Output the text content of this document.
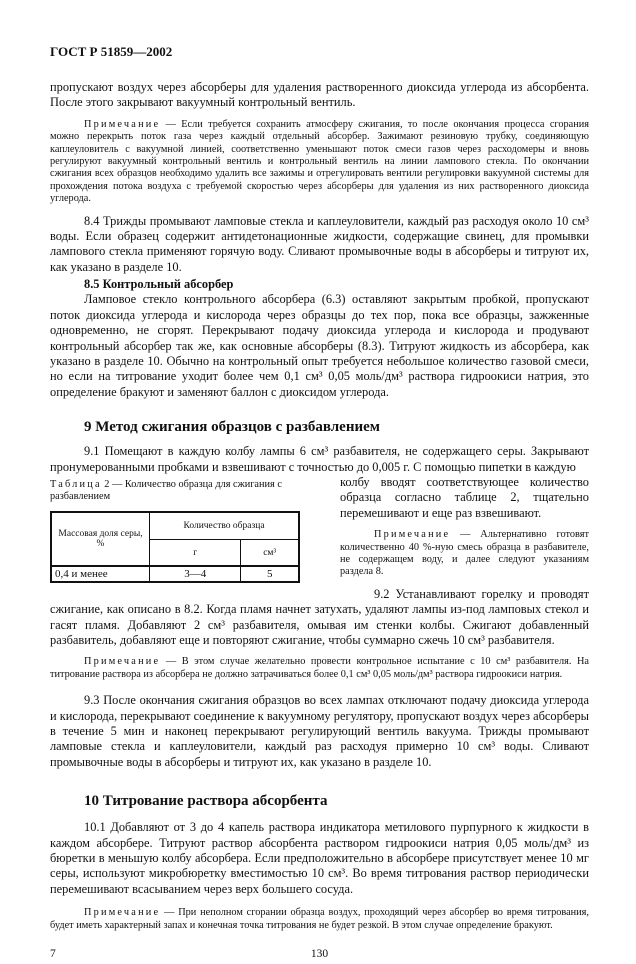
ГОСТ Р 51859—2002

пропускают воздух через абсорберы для удаления растворенного диоксида углерода из абсорбента. После этого закрывают вакуумный контрольный вентиль.

Примечание — Если требуется сохранить атмосферу сжигания, то после окончания процесса сгорания можно перекрыть поток газа через каждый отдельный абсорбер. Зажимают резиновую трубку, соединяющую каплеуловитель с вакуумной линией, соответственно уменьшают поток смеси газов через расходомеры и вновь регулируют вакуумный контрольный вентиль и контрольный вентиль на линии лампового стекла. По окончании сжигания всех образцов необходимо удалить все зажимы и отрегулировать вентили регулировки вакуумной системы для прохождения потока воздуха с требуемой скоростью через абсорберы для удаления из них растворенного диоксида углерода.

8.4 Трижды промывают ламповые стекла и каплеуловители, каждый раз расходуя около 10 см³ воды. Если образец содержит антидетонационные жидкости, содержащие свинец, для промывки лампового стекла применяют горячую воду. Сливают промывочные воды в абсорберы и титруют их, как указано в разделе 10.

8.5 Контрольный абсорбер

Ламповое стекло контрольного абсорбера (6.3) оставляют закрытым пробкой, пропускают поток диоксида углерода и кислорода через образцы до тех пор, пока все образцы, зажженные одновременно, не сгорят. Перекрывают подачу диоксида углерода и кислорода и продувают контрольный абсорбер так же, как основные абсорберы (8.3). Титруют жидкость из абсорбера, как указано в разделе 10. Обычно на контрольный опыт требуется небольшое количество газовой смеси, но если на титрование уходит более чем 0,1 см³ 0,05 моль/дм³ раствора гидроокиси натрия, это определение бракуют и заменяют баллон с диоксидом углерода.

9 Метод сжигания образцов с разбавлением

9.1 Помещают в каждую колбу лампы 6 см³ разбавителя, не содержащего серы. Закрывают пронумерованными пробками и взвешивают с точностью до 0,005 г. С помощью пипетки в каждую

Таблица 2 — Количество образца для сжигания с разбавлением
Массовая доля серы, %	Количество образца	
	г	см³
0,4 и менее	3—4	5

колбу вводят соответствующее количество образца согласно таблице 2, тщательно перемешивают и еще раз взвешивают.

Примечание — Альтернативно готовят количественно 40 %-ную смесь образца в разбавителе, не содержащем воду, и далее следуют указаниям раздела 8.

9.2 Устанавливают горелку и проводят сжигание, как описано в 8.2. Когда пламя начнет затухать, удаляют лампы из-под ламповых стекол и гасят пламя. Добавляют 2 см³ разбавителя, омывая им стенки колбы. Сжигают добавленный разбавитель, добавляют еще и повторяют сжигание, чтобы суммарно сжечь 10 см³ разбавителя.

Примечание — В этом случае желательно провести контрольное испытание с 10 см³ разбавителя. На титрование раствора из абсорбера не должно затрачиваться более 0,1 см³ 0,05 моль/дм³ раствора гидроокиси натрия.

9.3 После окончания сжигания образцов во всех лампах отключают подачу диоксида углерода и кислорода, перекрывают соединение к вакуумному регулятору, пропускают воздух через абсорберы в течение 5 мин и наконец перекрывают регулирующий вентиль вакуума. Трижды промывают ламповые стекла и каплеуловители, каждый раз расходуя примерно 10 см³ воды. Сливают промывочные воды в абсорберы и титруют их, как указано в разделе 10.

10 Титрование раствора абсорбента

10.1 Добавляют от 3 до 4 капель раствора индикатора метилового пурпурного к жидкости в каждом абсорбере. Титруют раствор абсорбента раствором гидроокиси натрия 0,05 моль/дм³ из бюретки в меньшую колбу абсорбера. Если предположительно в абсорбере присутствует менее 10 мг серы, используют микробюретку вместимостью 10 см³. Во время титрования раствор периодически перемешивают всасыванием через верх большего сосуда.

Примечание — При неполном сгорании образца воздух, проходящий через абсорбер во время титрования, будет иметь характерный запах и конечная точка титрования не будет резкой. В этом случае определение бракуют.

7	130
